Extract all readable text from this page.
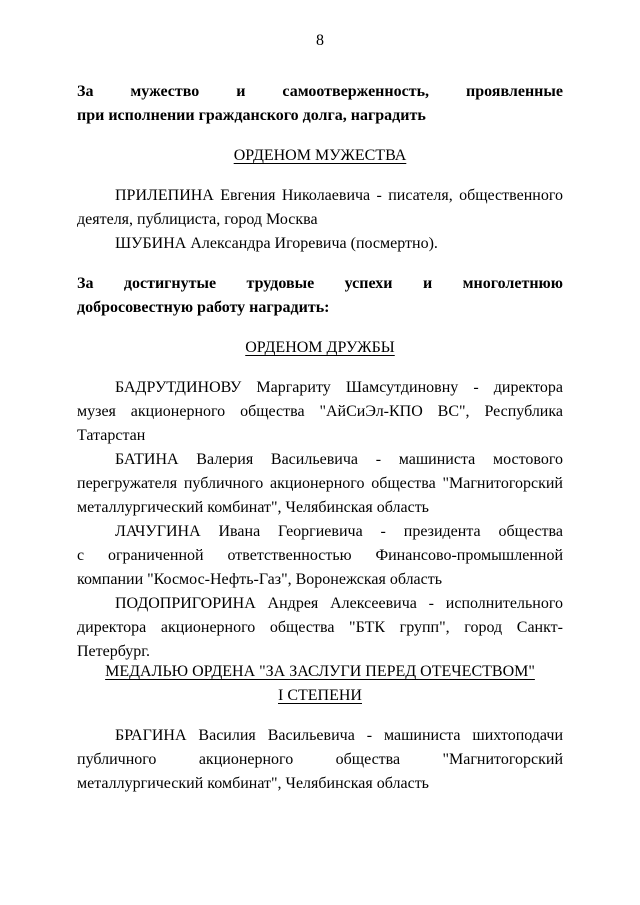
8
За мужество и самоотверженность, проявленные
при исполнении гражданского долга, наградить
ОРДЕНОМ МУЖЕСТВА

ПРИЛЕПИНА Евгения Николаевича - писателя, общественного
деятеля, публициста, город Москва

ШУБИНА Александра Игоревича (посмертно).

За достигнутые трудовые успехи и многолетнюю
добросовестную работу наградить:
ОРДЕНОМ ДРУЖБЫ

БАДРУТДИНОВУ Маргариту Шамсутдиновну - директора
музея акционерного общества "АйСиЭл-КПО ВС", Республика
Татарстан

БАТИНА Валерия Васильевича - машиниста мостового
перегружателя публичного акционерного общества "Магнитогорский
металлургический комбинат", Челябинская область

ЛАЧУГИНА Ивана Георгиевича - президента общества
с ограниченной ответственностью Финансово-промышленной
компании "Космос-Нефть-Газ", Воронежская область

ПОДОПРИГОРИНА Андрея Алексеевича - исполнительного
директора акционерного общества "БТК групп", город Санкт-
Петербург.

МЕДАЛЬЮ ОРДЕНА "ЗА ЗАСЛУГИ ПЕРЕД ОТЕЧЕСТВОМ"
I СТЕПЕНИ

БРАГИНА Василия Васильевича - машиниста шихтоподачи
публичного акционерного общества "Магнитогорский
металлургический комбинат", Челябинская область
